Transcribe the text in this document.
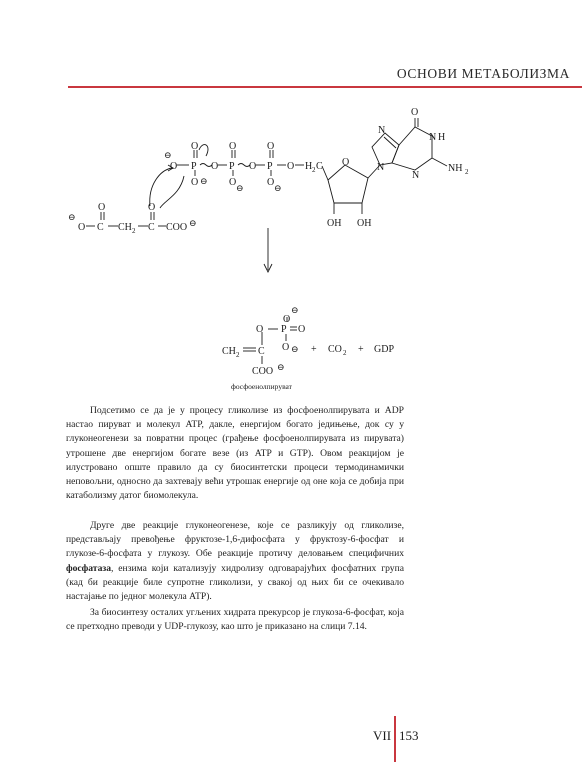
ОСНОВИ МЕТАБОЛИЗМА
⊖
O
O
P
O ⊖
O
O
P
O ⊖
O
O
P
O ⊖
O H 2 C O
OH OH
O
N
N
N H
N
NH 2
⊖
O
O
C CH 2
O
C COO ⊖
⊖
O P
O
O
O ⊖
CH 2 C
COO ⊖
+ CO 2 + GDP
фосфоенолпируват

Подсетимо се да је у процесу гликолизе из фосфоенолпирувата и ADP настао пируват и молекул ATP, дакле, енергијом богато једињење, док су у глуконеогенези за повратни процес (грађење фосфоенолпирувата из пирувата) утрошене две енергијом богате везе (из ATP и GTP). Овом реакцијом је илустровано опште правило да су биосинтетски процеси термодинамички неповољни, односно да захтевају већи утрошак енергије од оне која се добија при катаболизму датог биомолекула.

Друге две реакције глуконеогенезе, које се разликују од гликолизе, представљају превођење фруктозе-1,6-дифосфата у фруктозу-6-фосфат и глукозе-6-фосфата у глукозу. Обе реакције протичу деловањем специфичних фосфатаза, ензима који катализују хидролизу одговарајућих фосфатних група (кад би реакције биле супротне гликолизи, у свакој од њих би се очекивало настајање по једног молекула ATP).

За биосинтезу осталих угљених хидрата прекурсор је глукоза-6-фосфат, која се претходно преводи у UDP-глукозу, као што је приказано на слици 7.14.

VII 153
